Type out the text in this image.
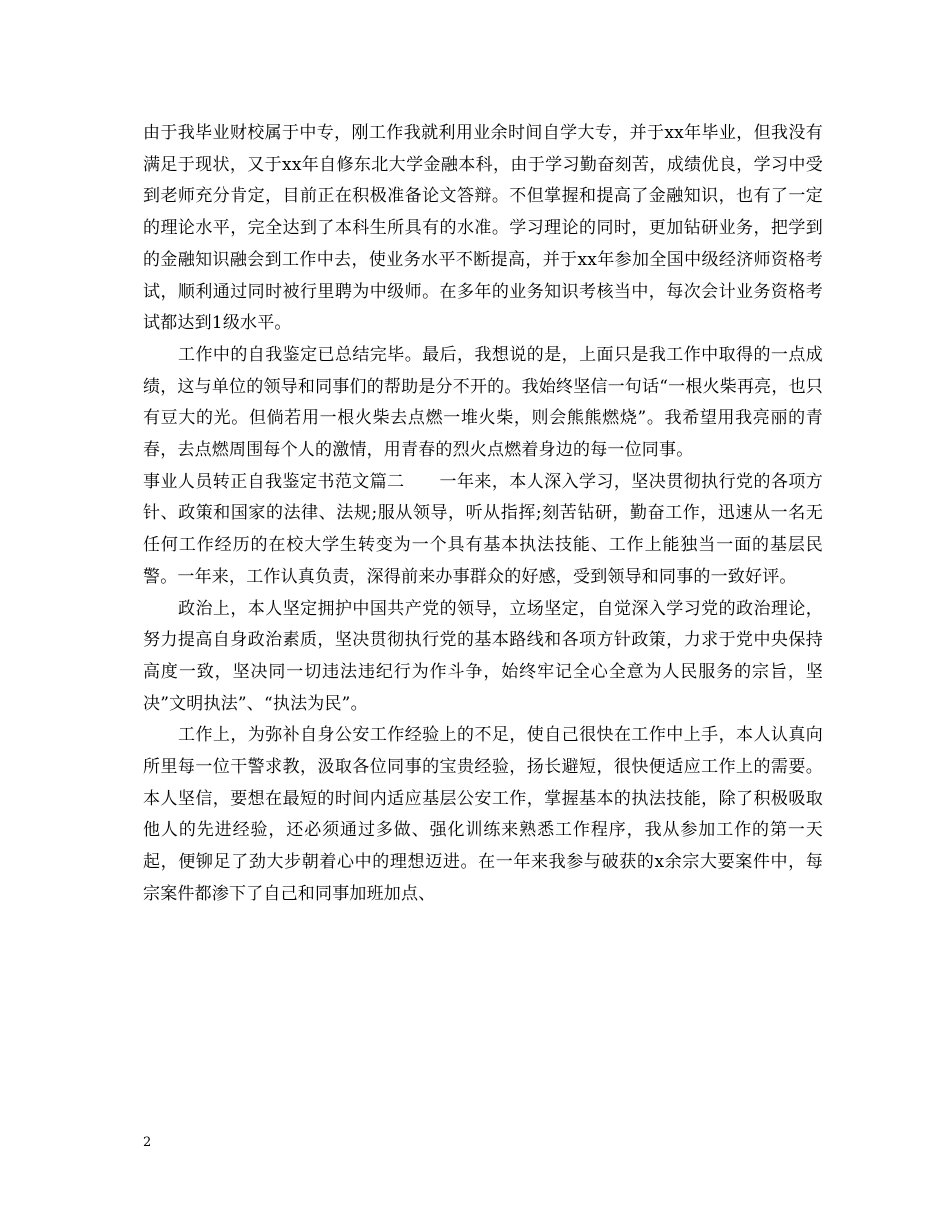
由于我毕业财校属于中专，刚工作我就利用业余时间自学大专，并于xx年毕业，但我没有满足于现状，又于xx年自修东北大学金融本科，由于学习勤奋刻苦，成绩优良，学习中受到老师充分肯定，目前正在积极准备论文答辩。不但掌握和提高了金融知识，也有了一定的理论水平，完全达到了本科生所具有的水准。学习理论的同时，更加钻研业务，把学到的金融知识融会到工作中去，使业务水平不断提高，并于xx年参加全国中级经济师资格考试，顺利通过同时被行里聘为中级师。在多年的业务知识考核当中，每次会计业务资格考试都达到1级水平。

工作中的自我鉴定已总结完毕。最后，我想说的是，上面只是我工作中取得的一点成绩，这与单位的领导和同事们的帮助是分不开的。我始终坚信一句话“一根火柴再亮，也只有豆大的光。但倘若用一根火柴去点燃一堆火柴，则会熊熊燃烧”。我希望用我亮丽的青春，去点燃周围每个人的激情，用青春的烈火点燃着身边的每一位同事。

事业人员转正自我鉴定书范文篇二　　一年来，本人深入学习，坚决贯彻执行党的各项方针、政策和国家的法律、法规;服从领导，听从指挥;刻苦钻研，勤奋工作，迅速从一名无任何工作经历的在校大学生转变为一个具有基本执法技能、工作上能独当一面的基层民警。一年来，工作认真负责，深得前来办事群众的好感，受到领导和同事的一致好评。

政治上，本人坚定拥护中国共产党的领导，立场坚定，自觉深入学习党的政治理论，努力提高自身政治素质，坚决贯彻执行党的基本路线和各项方针政策，力求于党中央保持高度一致，坚决同一切违法违纪行为作斗争，始终牢记全心全意为人民服务的宗旨，坚决”文明执法”、“执法为民”。

工作上，为弥补自身公安工作经验上的不足，使自己很快在工作中上手，本人认真向所里每一位干警求教，汲取各位同事的宝贵经验，扬长避短，很快便适应工作上的需要。本人坚信，要想在最短的时间内适应基层公安工作，掌握基本的执法技能，除了积极吸取他人的先进经验，还必须通过多做、强化训练来熟悉工作程序，我从参加工作的第一天起，便铆足了劲大步朝着心中的理想迈进。在一年来我参与破获的x余宗大要案件中，每宗案件都渗下了自己和同事加班加点、

2
